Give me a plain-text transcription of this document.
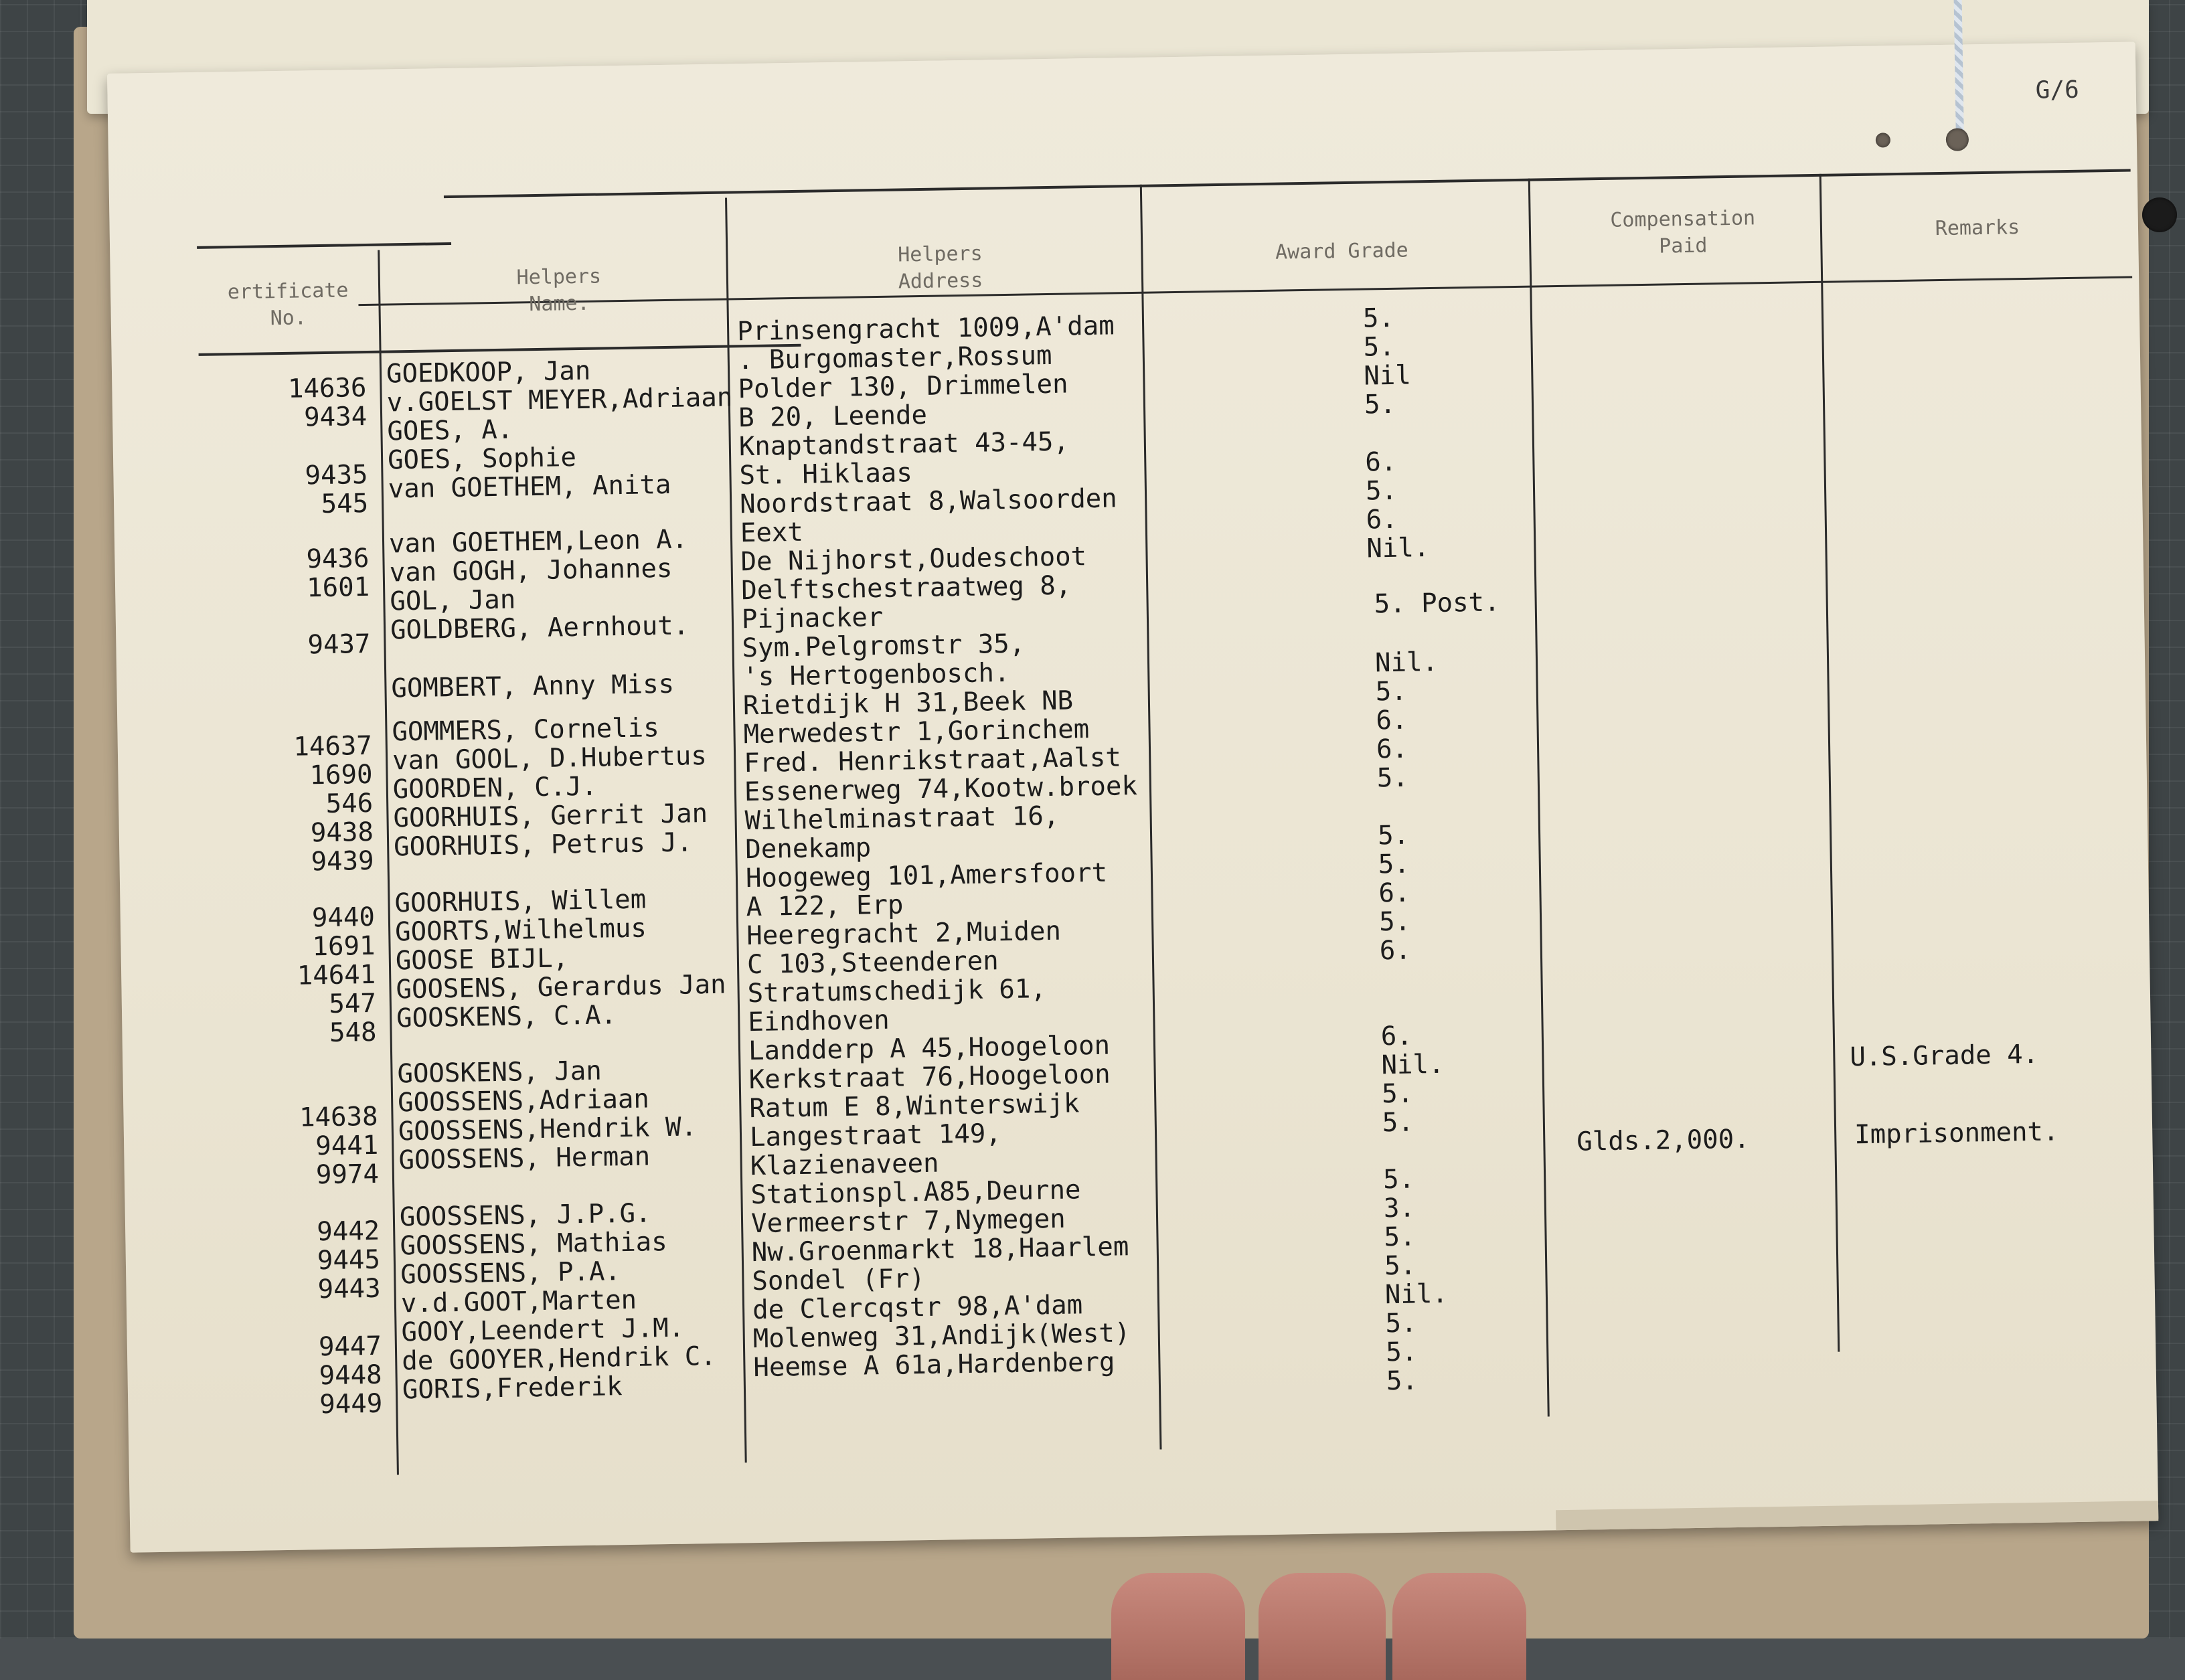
G/6
ertificate
No.
Helpers
Name.
Helpers
Address
Award Grade
Compensation
Paid
Remarks
14636
9434
9435
545
9436
1601
9437
14637
1690
546
9438
9439
9440
1691
14641
547
548
14638
9441
9974
9442
9445
9443
9447
9448
9449
GOEDKOOP, Jan
v.GOELST MEYER,Adriaan
GOES, A.
GOES, Sophie
van GOETHEM, Anita
van GOETHEM,Leon A.
van GOGH, Johannes
GOL, Jan
GOLDBERG, Aernhout.
GOMBERT, Anny Miss
GOMMERS, Cornelis
van GOOL, D.Hubertus
GOORDEN, C.J.
GOORHUIS, Gerrit Jan
GOORHUIS, Petrus J.
GOORHUIS, Willem
GOORTS,Wilhelmus
GOOSE BIJL,
GOOSENS, Gerardus Jan
GOOSKENS, C.A.
GOOSKENS, Jan
GOOSSENS,Adriaan
GOOSSENS,Hendrik W.
GOOSSENS, Herman
GOOSSENS, J.P.G.
GOOSSENS, Mathias
GOOSSENS, P.A.
v.d.GOOT,Marten
GOOY,Leendert J.M.
de GOOYER,Hendrik C.
GORIS,Frederik
Prinsengracht 1009,A'dam
. Burgomaster,Rossum
Polder 130, Drimmelen
B 20, Leende
Knaptandstraat 43-45,
St. Hiklaas
Noordstraat 8,Walsoorden
Eext
De Nijhorst,Oudeschoot
Delftschestraatweg 8,
Pijnacker
Sym.Pelgromstr 35,
's Hertogenbosch.
Rietdijk H 31,Beek NB
Merwedestr 1,Gorinchem
Fred. Henrikstraat,Aalst
Essenerweg 74,Kootw.broek
Wilhelminastraat 16,
Denekamp
Hoogeweg 101,Amersfoort
A 122, Erp
Heeregracht 2,Muiden
C 103,Steenderen
Stratumschedijk 61,
Eindhoven
Landderp A 45,Hoogeloon
Kerkstraat 76,Hoogeloon
Ratum E 8,Winterswijk
Langestraat 149,
Klazienaveen
Stationspl.A85,Deurne
Vermeerstr 7,Nymegen
Nw.Groenmarkt 18,Haarlem
Sondel (Fr)
de Clercqstr 98,A'dam
Molenweg 31,Andijk(West)
Heemse A 61a,Hardenberg
5.
5.
Nil
5.
6.
5.
6.
Nil.
5. Post.
Nil.
5.
6.
6.
5.
5.
5.
6.
5.
6.
6.
Nil.
5.
5.
5.
3.
5.
5.
Nil.
5.
5.
5.
Glds.2,000.
U.S.Grade 4.
Imprisonment.
